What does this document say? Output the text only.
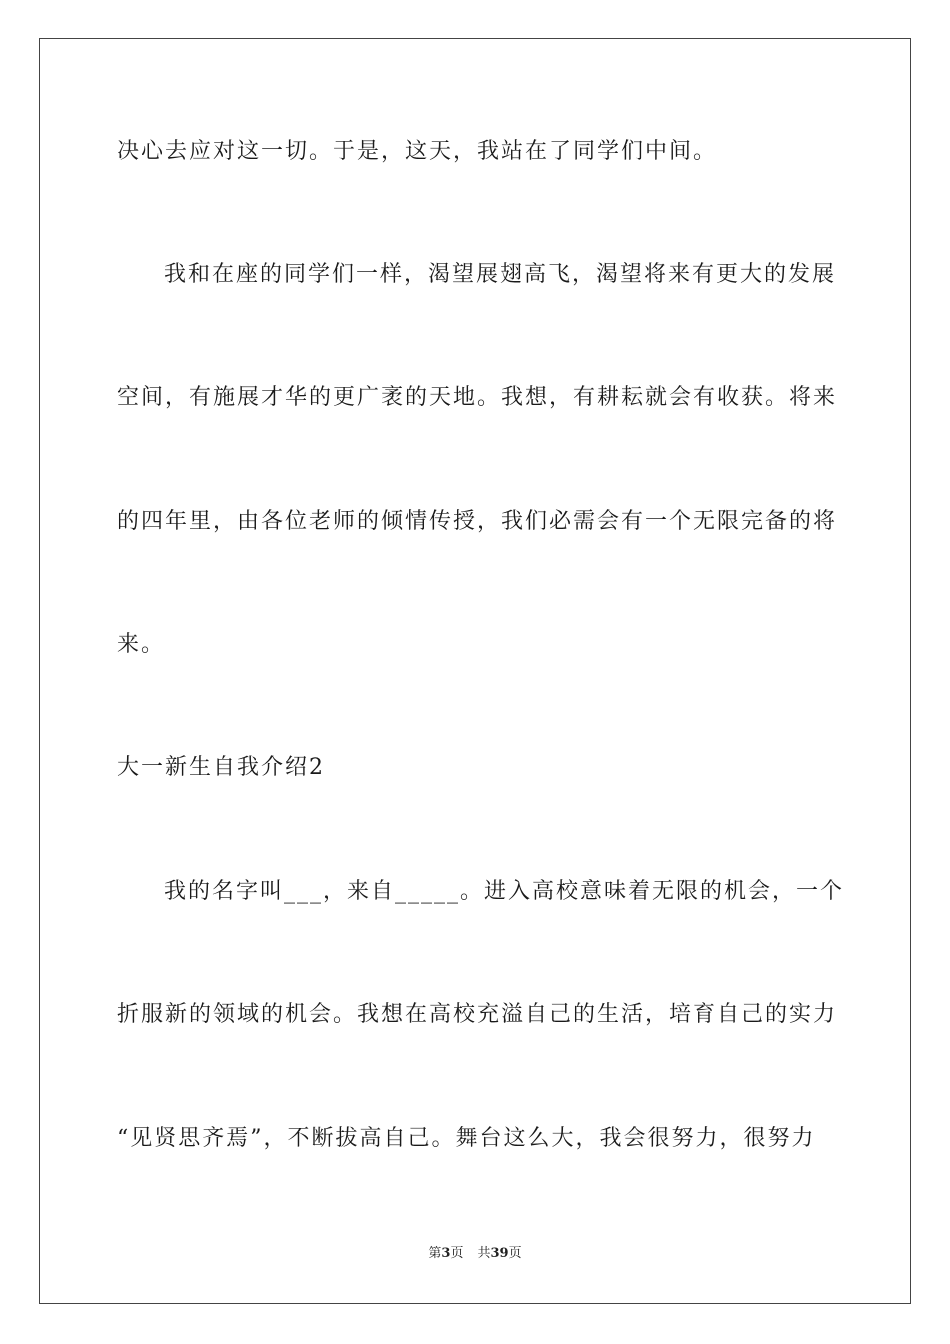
决心去应对这一切。于是，这天，我站在了同学们中间。
我和在座的同学们一样，渴望展翅高飞，渴望将来有更大的发展
空间，有施展才华的更广袤的天地。我想，有耕耘就会有收获。将来
的四年里，由各位老师的倾情传授，我们必需会有一个无限完备的将
来。
大一新生自我介绍2
我的名字叫___，来自_____。进入高校意味着无限的机会，一个
折服新的领域的机会。我想在高校充溢自己的生活，培育自己的实力
“见贤思齐焉”，不断拔高自己。舞台这么大，我会很努力，很努力
第3页 共39页
